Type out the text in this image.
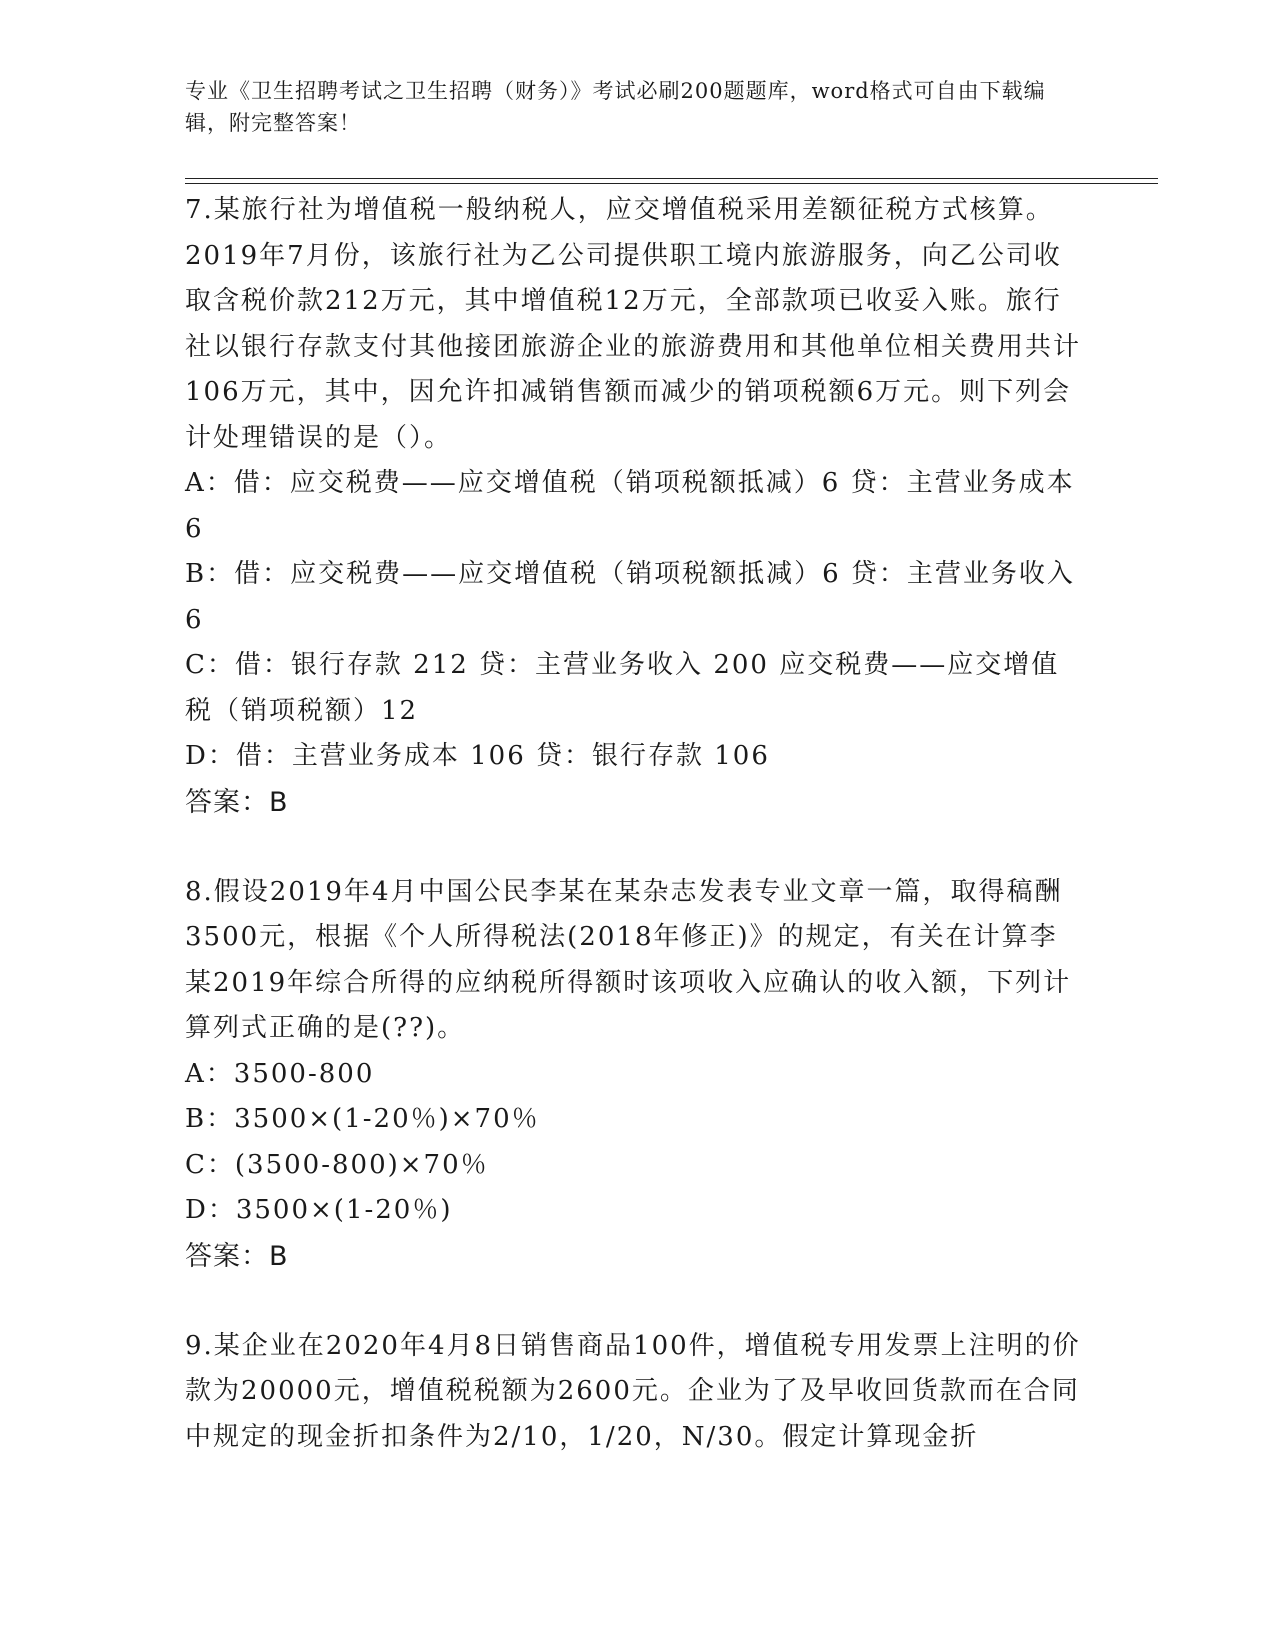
专业《卫生招聘考试之卫生招聘（财务）》考试必刷200题题库，word格式可自由下载编辑，附完整答案！
7.某旅行社为增值税一般纳税人，应交增值税采用差额征税方式核算。2019年7月份，该旅行社为乙公司提供职工境内旅游服务，向乙公司收取含税价款212万元，其中增值税12万元，全部款项已收妥入账。旅行社以银行存款支付其他接团旅游企业的旅游费用和其他单位相关费用共计106万元，其中，因允许扣减销售额而减少的销项税额6万元。则下列会计处理错误的是（）。
A：借：应交税费——应交增值税（销项税额抵减）6 贷：主营业务成本 6
B：借：应交税费——应交增值税（销项税额抵减）6 贷：主营业务收入 6
C：借：银行存款 212 贷：主营业务收入 200 应交税费——应交增值税（销项税额）12
D：借：主营业务成本 106 贷：银行存款 106
答案：B
8.假设2019年4月中国公民李某在某杂志发表专业文章一篇，取得稿酬3500元，根据《个人所得税法(2018年修正)》的规定，有关在计算李某2019年综合所得的应纳税所得额时该项收入应确认的收入额，下列计算列式正确的是(??)。
A：3500-800
B：3500×(1-20％)×70％
C：(3500-800)×70％
D：3500×(1-20％)
答案：B
9.某企业在2020年4月8日销售商品100件，增值税专用发票上注明的价款为20000元，增值税税额为2600元。企业为了及早收回货款而在合同中规定的现金折扣条件为2/10，1/20，N/30。假定计算现金折
